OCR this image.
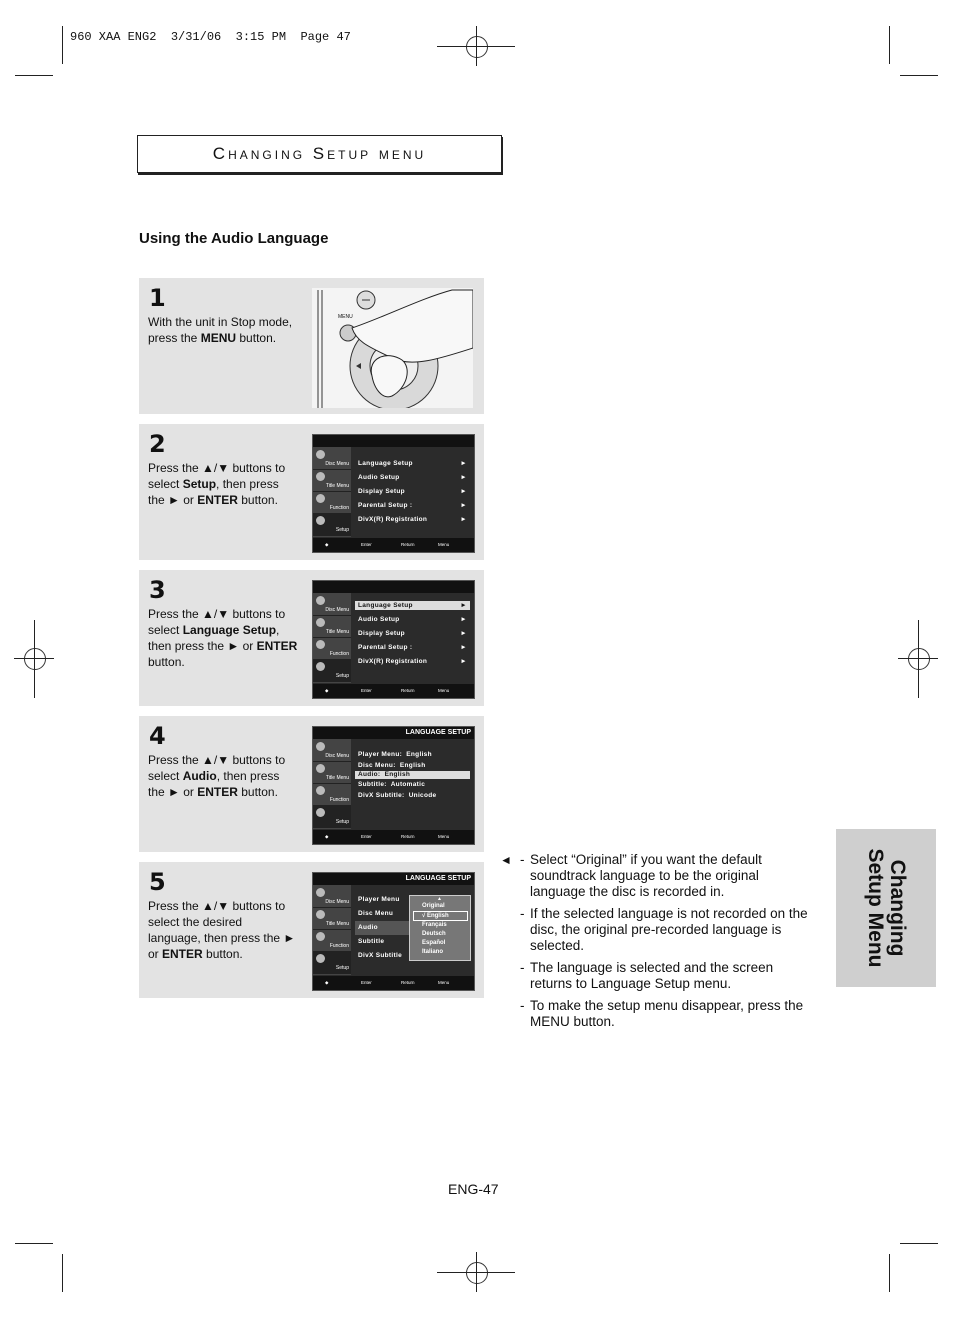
960 XAA ENG2  3/31/06  3:15 PM  Page 47
Changing Setup menu
Using the Audio Language
1
With the unit in Stop mode, press the MENU button.
MENU
2
Press the ▲/▼ buttons to select Setup, then press the ► or ENTER button.
Disc Menu
Title Menu
Function
Setup
Language Setup	►
Audio Setup	►
Display Setup	►
Parental Setup :	►
DivX(R) Registration	►
◆	Enter	Return	Menu
3
Press the ▲/▼ buttons to select Language Setup, then press the ► or ENTER button.
Disc Menu
Title Menu
Function
Setup
Language Setup	►
Audio Setup	►
Display Setup	►
Parental Setup :	►
DivX(R) Registration	►
◆	Enter	Return	Menu
4
Press the ▲/▼ buttons to select Audio, then press the ► or ENTER button.
LANGUAGE SETUP
Disc Menu
Title Menu
Function
Setup
Player Menu: English
Disc Menu: English
Audio: English
Subtitle: Automatic
DivX Subtitle: Unicode
◆	Enter	Return	Menu
5
Press the ▲/▼ buttons to select the desired language, then press the ► or ENTER button.
LANGUAGE SETUP
Disc Menu
Title Menu
Function
Setup
Player Menu
Disc Menu
Audio
Subtitle
DivX Subtitle
▲
Original
√ English
Français
Deutsch
Español
Italiano
◆	Enter	Return	Menu
◄ - Select “Original” if you want the default soundtrack language to be the original language the disc is recorded in.
- If the selected language is not recorded on the disc, the original pre-recorded language is selected.
- The language is selected and the screen returns to Language Setup menu.
- To make the setup menu disappear, press the MENU button.
Changing
Setup Menu
ENG-47
